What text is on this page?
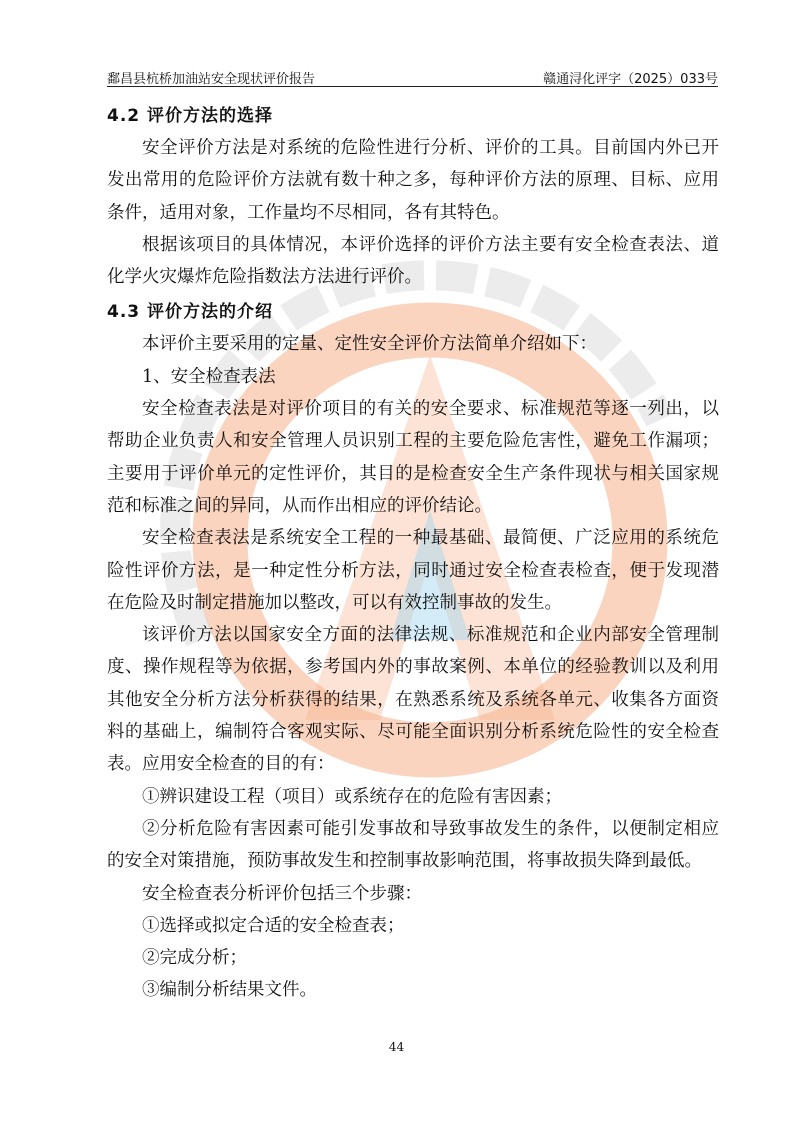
鄱昌县杭桥加油站安全现状评价报告	赣通浔化评字（2025）033号
4.2 评价方法的选择

安全评价方法是对系统的危险性进行分析、评价的工具。目前国内外已开发出常用的危险评价方法就有数十种之多，每种评价方法的原理、目标、应用条件，适用对象，工作量均不尽相同，各有其特色。

根据该项目的具体情况，本评价选择的评价方法主要有安全检查表法、道化学火灾爆炸危险指数法方法进行评价。

4.3 评价方法的介绍

本评价主要采用的定量、定性安全评价方法简单介绍如下：

1、安全检查表法

安全检查表法是对评价项目的有关的安全要求、标准规范等逐一列出，以帮助企业负责人和安全管理人员识别工程的主要危险危害性，避免工作漏项；主要用于评价单元的定性评价，其目的是检查安全生产条件现状与相关国家规范和标准之间的异同，从而作出相应的评价结论。

安全检查表法是系统安全工程的一种最基础、最简便、广泛应用的系统危险性评价方法，是一种定性分析方法，同时通过安全检查表检查，便于发现潜在危险及时制定措施加以整改，可以有效控制事故的发生。

该评价方法以国家安全方面的法律法规、标准规范和企业内部安全管理制度、操作规程等为依据，参考国内外的事故案例、本单位的经验教训以及利用其他安全分析方法分析获得的结果，在熟悉系统及系统各单元、收集各方面资料的基础上，编制符合客观实际、尽可能全面识别分析系统危险性的安全检查表。应用安全检查的目的有：

①辨识建设工程（项目）或系统存在的危险有害因素；

②分析危险有害因素可能引发事故和导致事故发生的条件，以便制定相应的安全对策措施，预防事故发生和控制事故影响范围，将事故损失降到最低。

安全检查表分析评价包括三个步骤：

①选择或拟定合适的安全检查表；

②完成分析；

③编制分析结果文件。

44
